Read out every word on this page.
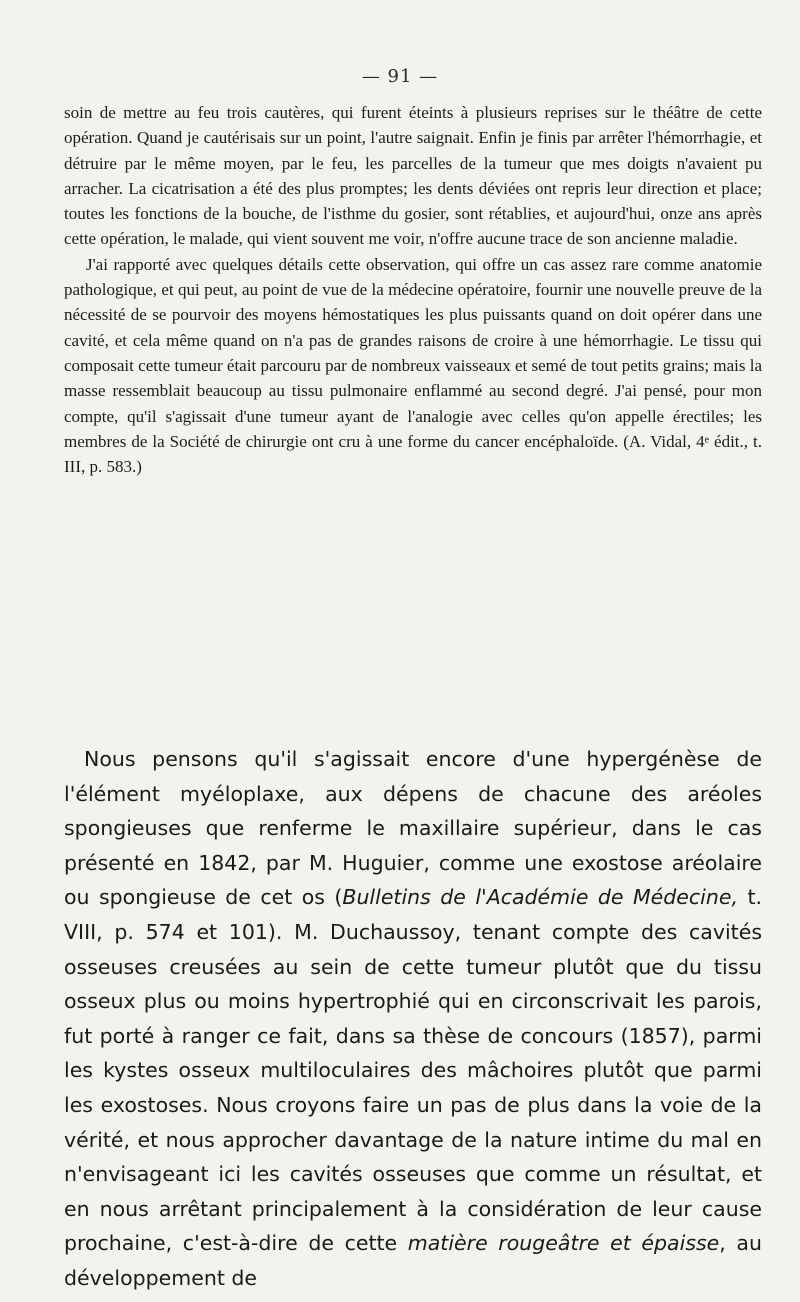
— 91 —

soin de mettre au feu trois cautères, qui furent éteints à plusieurs reprises sur le théâtre de cette opération. Quand je cautérisais sur un point, l'autre saignait. Enfin je finis par arrêter l'hémorrhagie, et détruire par le même moyen, par le feu, les parcelles de la tumeur que mes doigts n'avaient pu arracher. La cicatrisation a été des plus promptes; les dents déviées ont repris leur direction et place; toutes les fonctions de la bouche, de l'isthme du gosier, sont rétablies, et aujourd'hui, onze ans après cette opération, le malade, qui vient souvent me voir, n'offre aucune trace de son ancienne maladie.

J'ai rapporté avec quelques détails cette observation, qui offre un cas assez rare comme anatomie pathologique, et qui peut, au point de vue de la médecine opératoire, fournir une nouvelle preuve de la nécessité de se pourvoir des moyens hémostatiques les plus puissants quand on doit opérer dans une cavité, et cela même quand on n'a pas de grandes raisons de croire à une hémorrhagie. Le tissu qui composait cette tumeur était parcouru par de nombreux vaisseaux et semé de tout petits grains; mais la masse ressemblait beaucoup au tissu pulmonaire enflammé au second degré. J'ai pensé, pour mon compte, qu'il s'agissait d'une tumeur ayant de l'analogie avec celles qu'on appelle érectiles; les membres de la Société de chirurgie ont cru à une forme du cancer encéphaloïde. (A. Vidal, 4ᵉ édit., t. III, p. 583.)

Nous pensons qu'il s'agissait encore d'une hypergénèse de l'élément myéloplaxe, aux dépens de chacune des aréoles spongieuses que renferme le maxillaire supérieur, dans le cas présenté en 1842, par M. Huguier, comme une exostose aréolaire ou spongieuse de cet os (Bulletins de l'Académie de Médecine, t. VIII, p. 574 et 101). M. Duchaussoy, tenant compte des cavités osseuses creusées au sein de cette tumeur plutôt que du tissu osseux plus ou moins hypertrophié qui en circonscrivait les parois, fut porté à ranger ce fait, dans sa thèse de concours (1857), parmi les kystes osseux multiloculaires des mâchoires plutôt que parmi les exostoses. Nous croyons faire un pas de plus dans la voie de la vérité, et nous approcher davantage de la nature intime du mal en n'envisageant ici les cavités osseuses que comme un résultat, et en nous arrêtant principalement à la considération de leur cause prochaine, c'est-à-dire de cette matière rougeâtre et épaisse, au développement de
